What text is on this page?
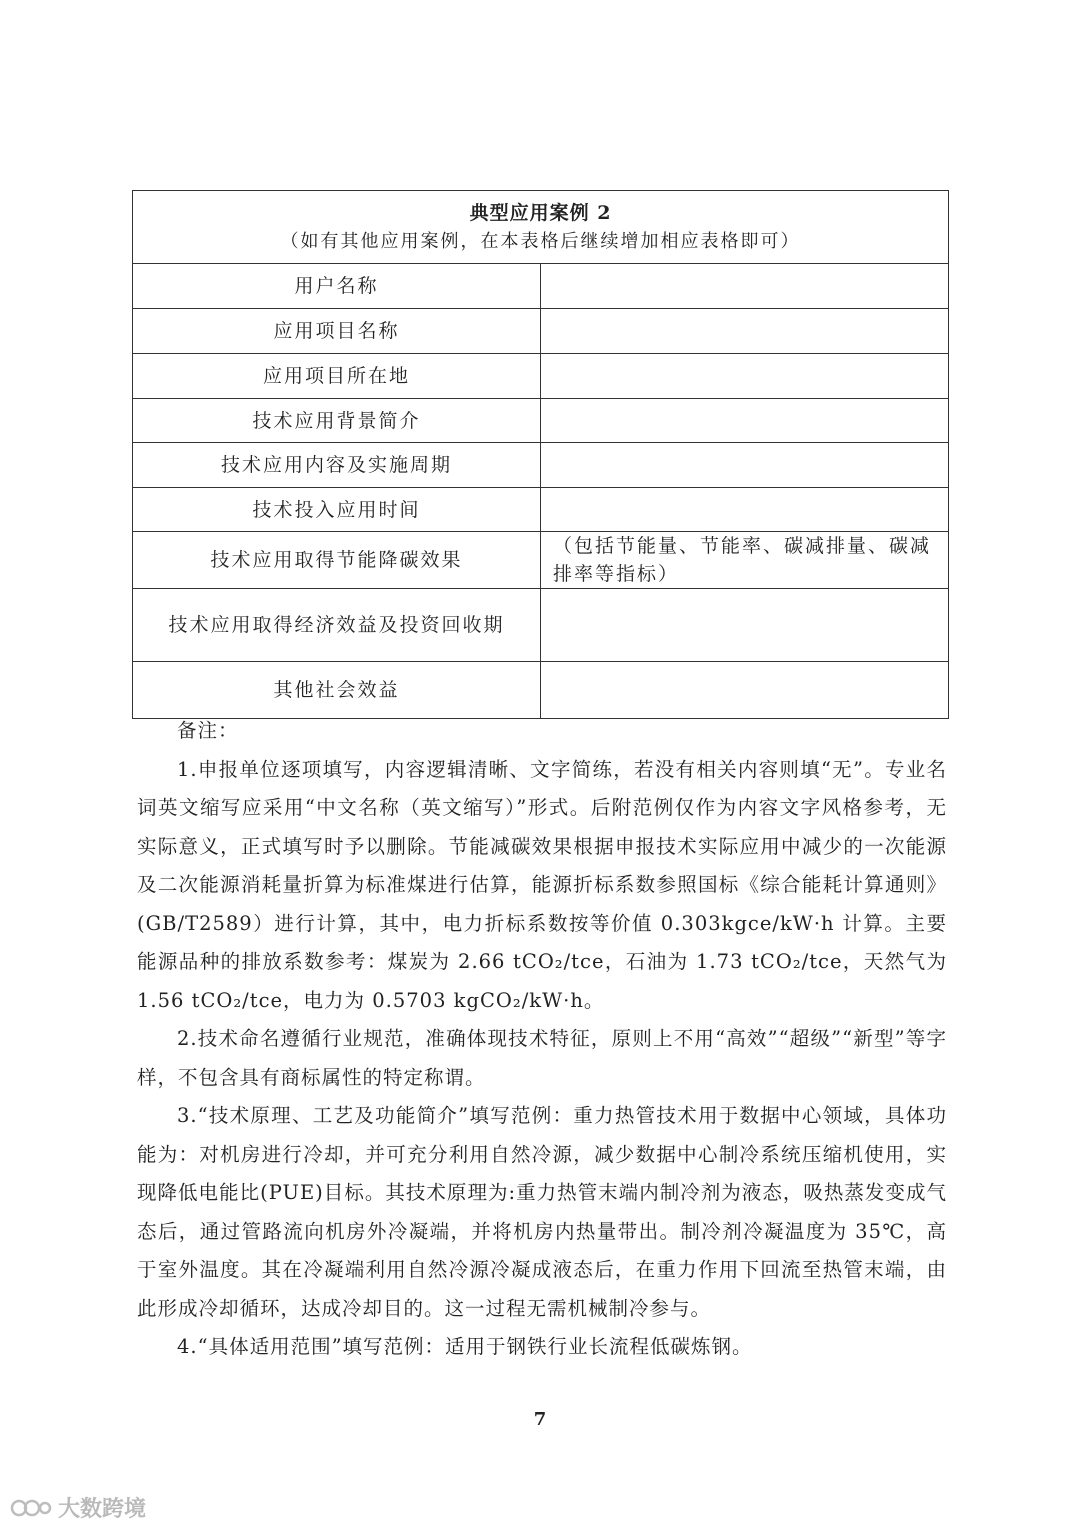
典型应用案例 2
（如有其他应用案例，在本表格后继续增加相应表格即可）	

用户名称	
应用项目名称	
应用项目所在地	
技术应用背景简介	
技术应用内容及实施周期	
技术投入应用时间	
技术应用取得节能降碳效果	（包括节能量、节能率、碳减排量、碳减排率等指标）
技术应用取得经济效益及投资回收期	
其他社会效益	

备注：

1.申报单位逐项填写，内容逻辑清晰、文字简练，若没有相关内容则填“无”。专业名词英文缩写应采用“中文名称（英文缩写）”形式。后附范例仅作为内容文字风格参考，无实际意义，正式填写时予以删除。节能减碳效果根据申报技术实际应用中减少的一次能源及二次能源消耗量折算为标准煤进行估算，能源折标系数参照国标《综合能耗计算通则》(GB/T2589）进行计算，其中，电力折标系数按等价值 0.303kgce/kW·h 计算。主要能源品种的排放系数参考：煤炭为 2.66 tCO₂/tce，石油为 1.73 tCO₂/tce，天然气为 1.56 tCO₂/tce，电力为 0.5703 kgCO₂/kW·h。

2.技术命名遵循行业规范，准确体现技术特征，原则上不用“高效”“超级”“新型”等字样，不包含具有商标属性的特定称谓。

3.“技术原理、工艺及功能简介”填写范例：重力热管技术用于数据中心领域，具体功能为：对机房进行冷却，并可充分利用自然冷源，减少数据中心制冷系统压缩机使用，实现降低电能比(PUE)目标。其技术原理为:重力热管末端内制冷剂为液态，吸热蒸发变成气态后，通过管路流向机房外冷凝端，并将机房内热量带出。制冷剂冷凝温度为 35℃，高于室外温度。其在冷凝端利用自然冷源冷凝成液态后，在重力作用下回流至热管末端，由此形成冷却循环，达成冷却目的。这一过程无需机械制冷参与。

4.“具体适用范围”填写范例：适用于钢铁行业长流程低碳炼钢。

7
大数跨境
